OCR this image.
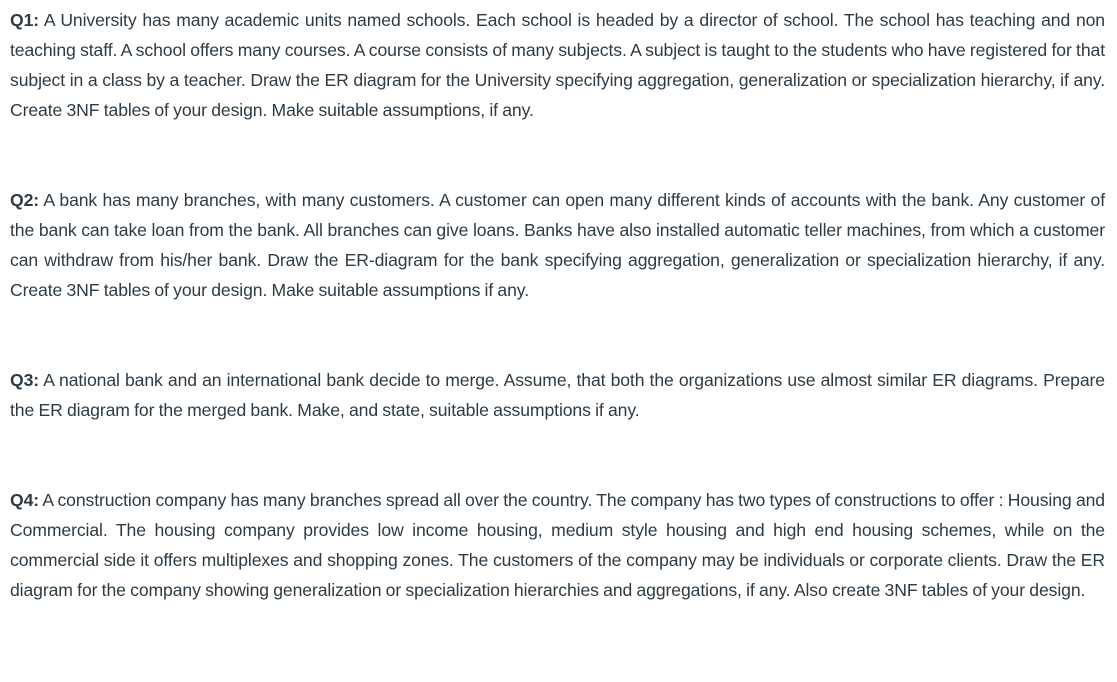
Q1: A University has many academic units named schools. Each school is headed by a director of school. The school has teaching and non teaching staff. A school offers many courses. A course consists of many subjects. A subject is taught to the students who have registered for that subject in a class by a teacher. Draw the ER diagram for the University specifying aggregation, generalization or specialization hierarchy, if any. Create 3NF tables of your design. Make suitable assumptions, if any.

Q2: A bank has many branches, with many customers. A customer can open many different kinds of accounts with the bank. Any customer of the bank can take loan from the bank. All branches can give loans. Banks have also installed automatic teller machines, from which a customer can withdraw from his/her bank. Draw the ER-diagram for the bank specifying aggregation, generalization or specialization hierarchy, if any. Create 3NF tables of your design. Make suitable assumptions if any.

Q3: A national bank and an international bank decide to merge. Assume, that both the organizations use almost similar ER diagrams. Prepare the ER diagram for the merged bank. Make, and state, suitable assumptions if any.

Q4: A construction company has many branches spread all over the country. The company has two types of constructions to offer : Housing and Commercial. The housing company provides low income housing, medium style housing and high end housing schemes, while on the commercial side it offers multiplexes and shopping zones. The customers of the company may be individuals or corporate clients. Draw the ER diagram for the company showing generalization or specialization hierarchies and aggregations, if any. Also create 3NF tables of your design.
